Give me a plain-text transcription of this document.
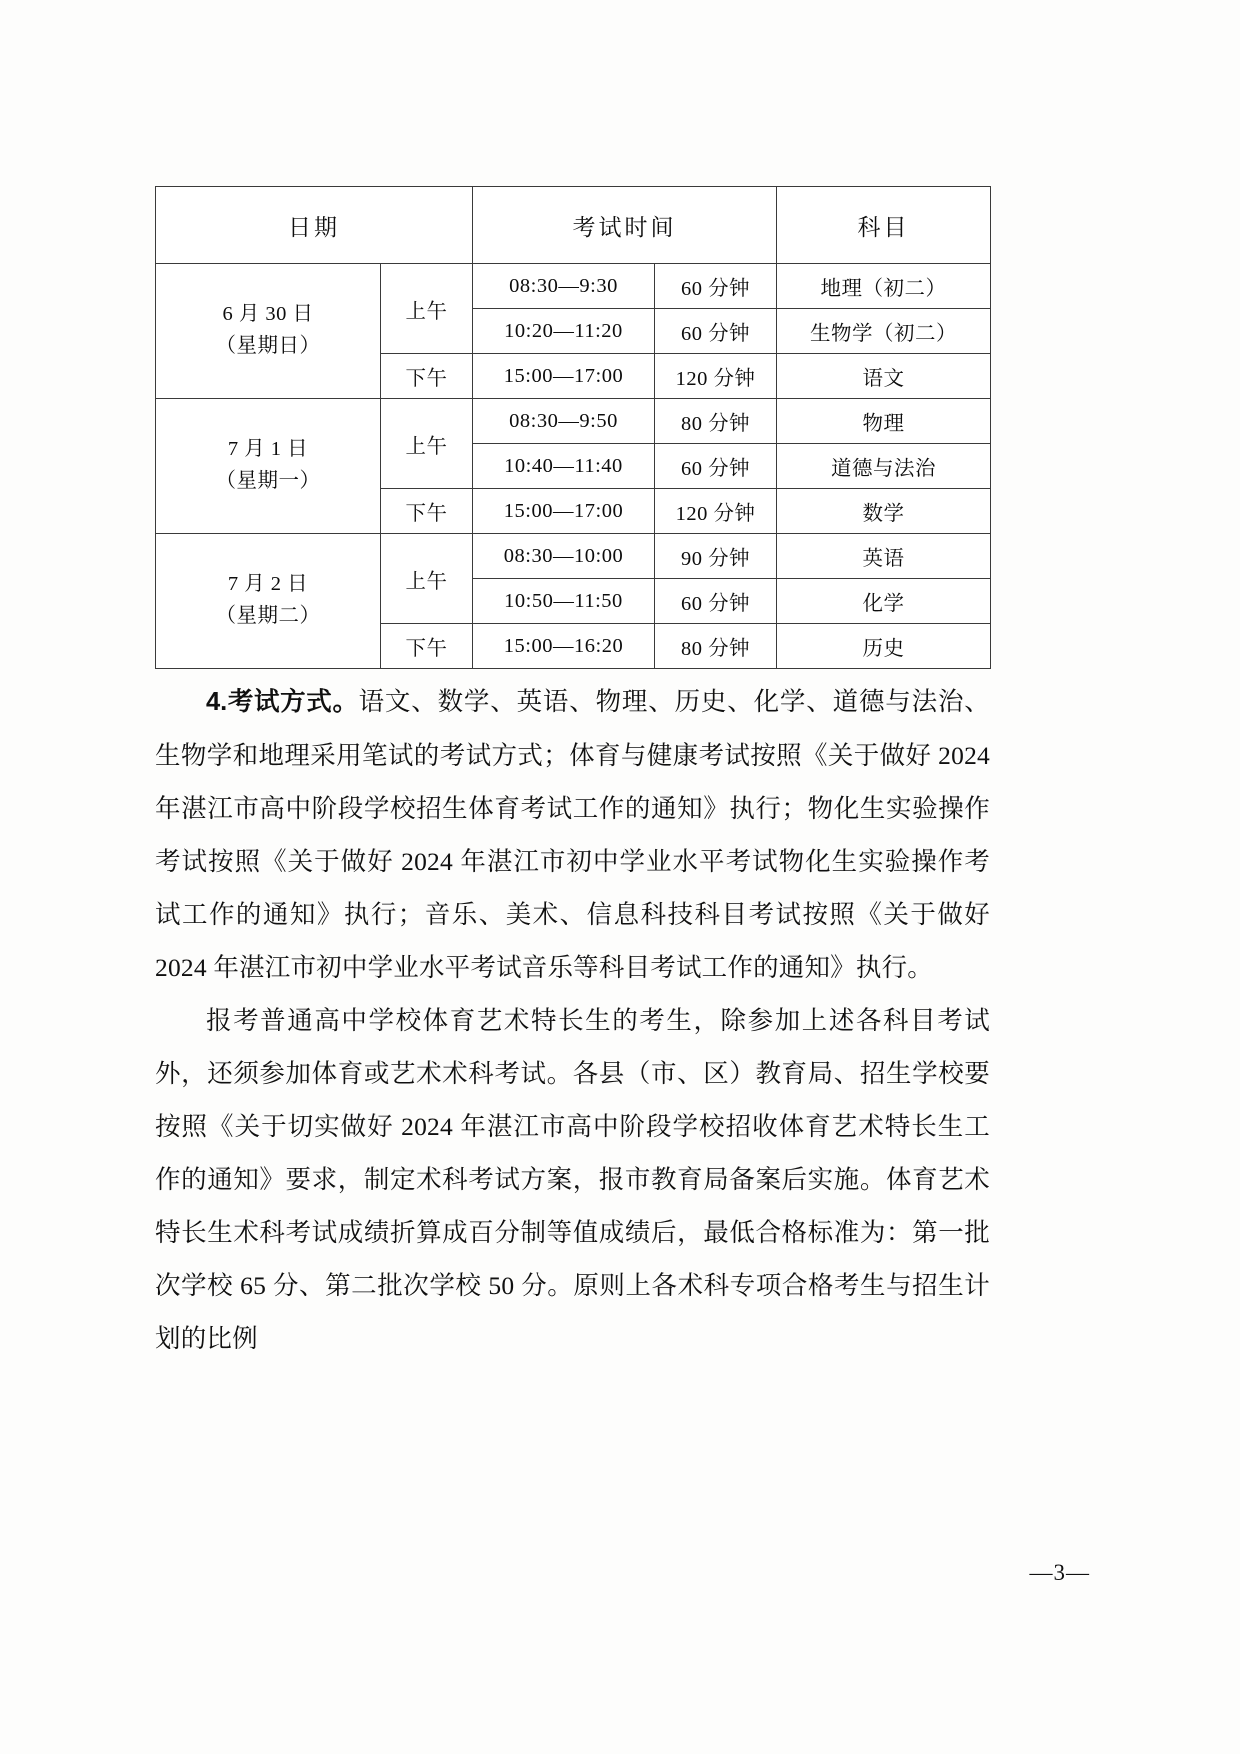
日期		考试时间		科目

6 月 30 日
（星期日）	上午	08:30—9:30	60 分钟	地理（初二）
		10:20—11:20	60 分钟	生物学（初二）
	下午	15:00—17:00	120 分钟	语文

7 月 1 日
（星期一）	上午	08:30—9:50	80 分钟	物理
		10:40—11:40	60 分钟	道德与法治
	下午	15:00—17:00	120 分钟	数学

7 月 2 日
（星期二）	上午	08:30—10:00	90 分钟	英语
		10:50—11:50	60 分钟	化学
	下午	15:00—16:20	80 分钟	历史

4.考试方式。语文、数学、英语、物理、历史、化学、道德与法治、生物学和地理采用笔试的考试方式；体育与健康考试按照《关于做好 2024 年湛江市高中阶段学校招生体育考试工作的通知》执行；物化生实验操作考试按照《关于做好 2024 年湛江市初中学业水平考试物化生实验操作考试工作的通知》执行；音乐、美术、信息科技科目考试按照《关于做好 2024 年湛江市初中学业水平考试音乐等科目考试工作的通知》执行。

报考普通高中学校体育艺术特长生的考生，除参加上述各科目考试外，还须参加体育或艺术术科考试。各县（市、区）教育局、招生学校要按照《关于切实做好 2024 年湛江市高中阶段学校招收体育艺术特长生工作的通知》要求，制定术科考试方案，报市教育局备案后实施。体育艺术特长生术科考试成绩折算成百分制等值成绩后，最低合格标准为：第一批次学校 65 分、第二批次学校 50 分。原则上各术科专项合格考生与招生计划的比例

—3—
